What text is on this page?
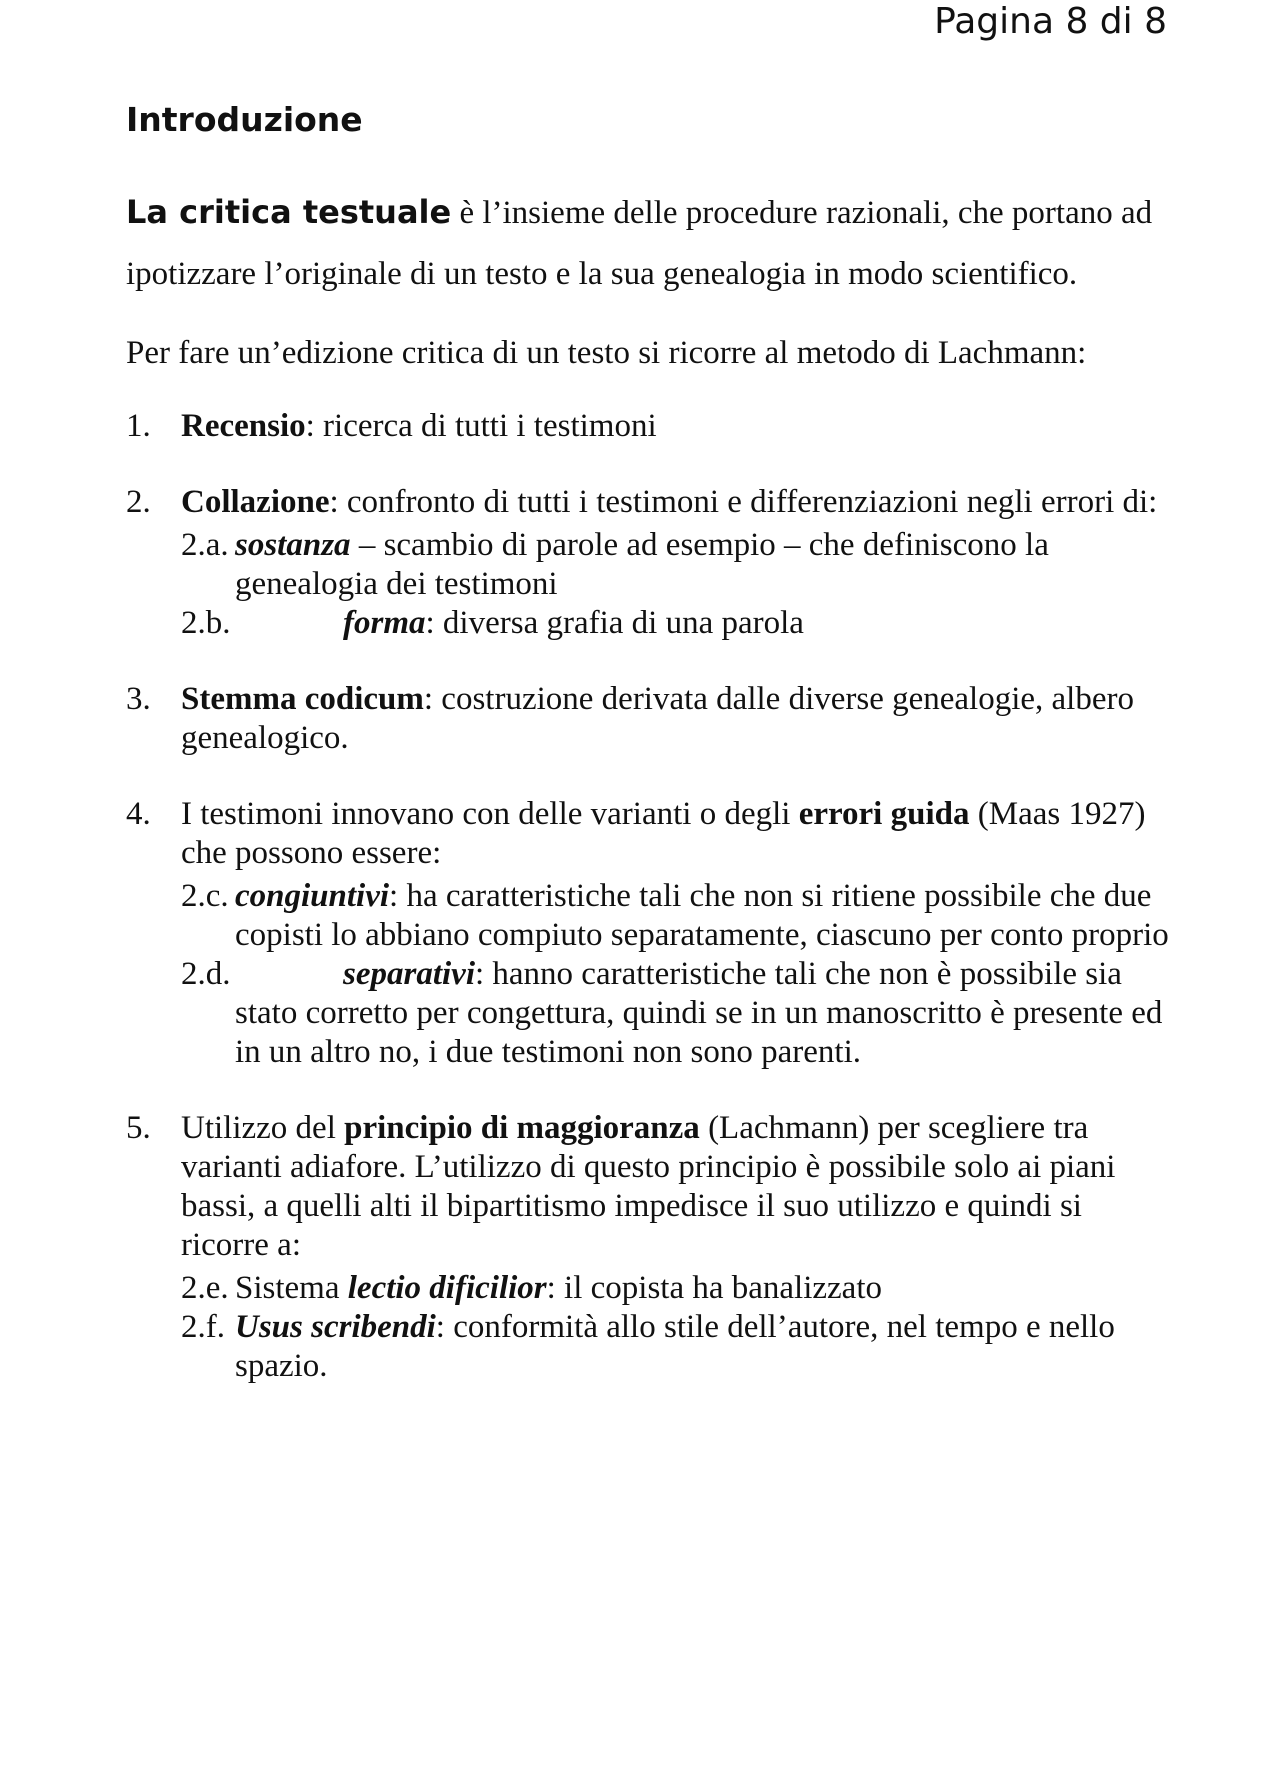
Pagina 8 di 8
Introduzione

La critica testuale è l’insieme delle procedure razionali, che portano ad ipotizzare l’originale di un testo e la sua genealogia in modo scientifico.

Per fare un’edizione critica di un testo si ricorre al metodo di Lachmann:

1. Recensio: ricerca di tutti i testimoni
2. Collazione: confronto di tutti i testimoni e differenziazioni negli errori di:
2.a. sostanza – scambio di parole ad esempio – che definiscono la genealogia dei testimoni
2.b.	forma: diversa grafia di una parola
3. Stemma codicum: costruzione derivata dalle diverse genealogie, albero genealogico.
4. I testimoni innovano con delle varianti o degli errori guida (Maas 1927) che possono essere:
2.c. congiuntivi: ha caratteristiche tali che non si ritiene possibile che due copisti lo abbiano compiuto separatamente, ciascuno per conto proprio
2.d.	separativi: hanno caratteristiche tali che non è possibile sia stato corretto per congettura, quindi se in un manoscritto è presente ed in un altro no, i due testimoni non sono parenti.
5. Utilizzo del principio di maggioranza (Lachmann) per scegliere tra varianti adiafore. L’utilizzo di questo principio è possibile solo ai piani bassi, a quelli alti il bipartitismo impedisce il suo utilizzo e quindi si ricorre a:
2.e. Sistema lectio dificilior: il copista ha banalizzato
2.f. Usus scribendi: conformità allo stile dell’autore, nel tempo e nello spazio.
